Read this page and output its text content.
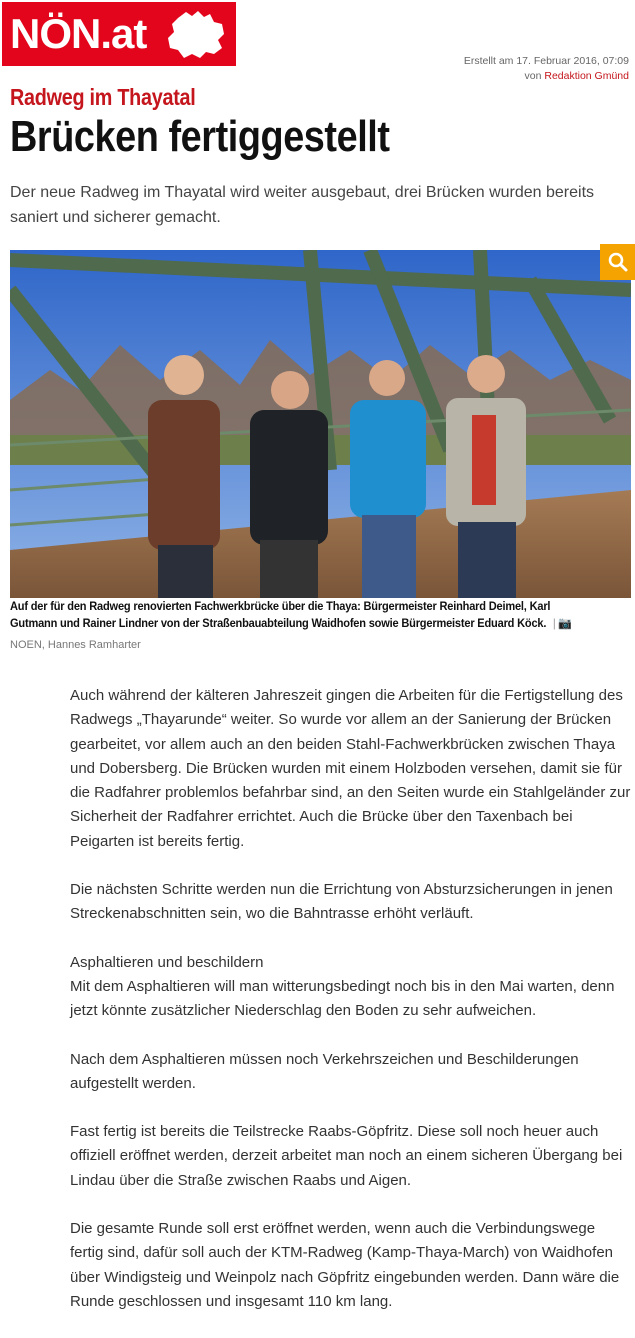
NÖN.at
Erstellt am 17. Februar 2016, 07:09
von Redaktion Gmünd
Radweg im Thayatal
Brücken fertiggestellt

Der neue Radweg im Thayatal wird weiter ausgebaut, drei Brücken wurden bereits saniert und sicherer gemacht.

Auf der für den Radweg renovierten Fachwerkbrücke über die Thaya: Bürgermeister Reinhard Deimel, Karl Gutmann und Rainer Lindner von der Straßenbauabteilung Waidhofen sowie Bürgermeister Eduard Köck. | 📷
NOEN, Hannes Ramharter

Auch während der kälteren Jahreszeit gingen die Arbeiten für die Fertigstellung des Radwegs „Thayarunde“ weiter. So wurde vor allem an der Sanierung der Brücken gearbeitet, vor allem auch an den beiden Stahl-Fachwerkbrücken zwischen Thaya und Dobersberg. Die Brücken wurden mit einem Holzboden versehen, damit sie für die Radfahrer problemlos befahrbar sind, an den Seiten wurde ein Stahlgeländer zur Sicherheit der Radfahrer errichtet. Auch die Brücke über den Taxenbach bei Peigarten ist bereits fertig.

Die nächsten Schritte werden nun die Errichtung von Absturzsicherungen in jenen Streckenabschnitten sein, wo die Bahntrasse erhöht verläuft.

Asphaltieren und beschildern
Mit dem Asphaltieren will man witterungsbedingt noch bis in den Mai warten, denn jetzt könnte zusätzlicher Niederschlag den Boden zu sehr aufweichen.

Nach dem Asphaltieren müssen noch Verkehrszeichen und Beschilderungen aufgestellt werden.

Fast fertig ist bereits die Teilstrecke Raabs-Göpfritz. Diese soll noch heuer auch offiziell eröffnet werden, derzeit arbeitet man noch an einem sicheren Übergang bei Lindau über die Straße zwischen Raabs und Aigen.

Die gesamte Runde soll erst eröffnet werden, wenn auch die Verbindungswege fertig sind, dafür soll auch der KTM-Radweg (Kamp-Thaya-March) von Waidhofen über Windigsteig und Weinpolz nach Göpfritz eingebunden werden. Dann wäre die Runde geschlossen und insgesamt 110 km lang.
